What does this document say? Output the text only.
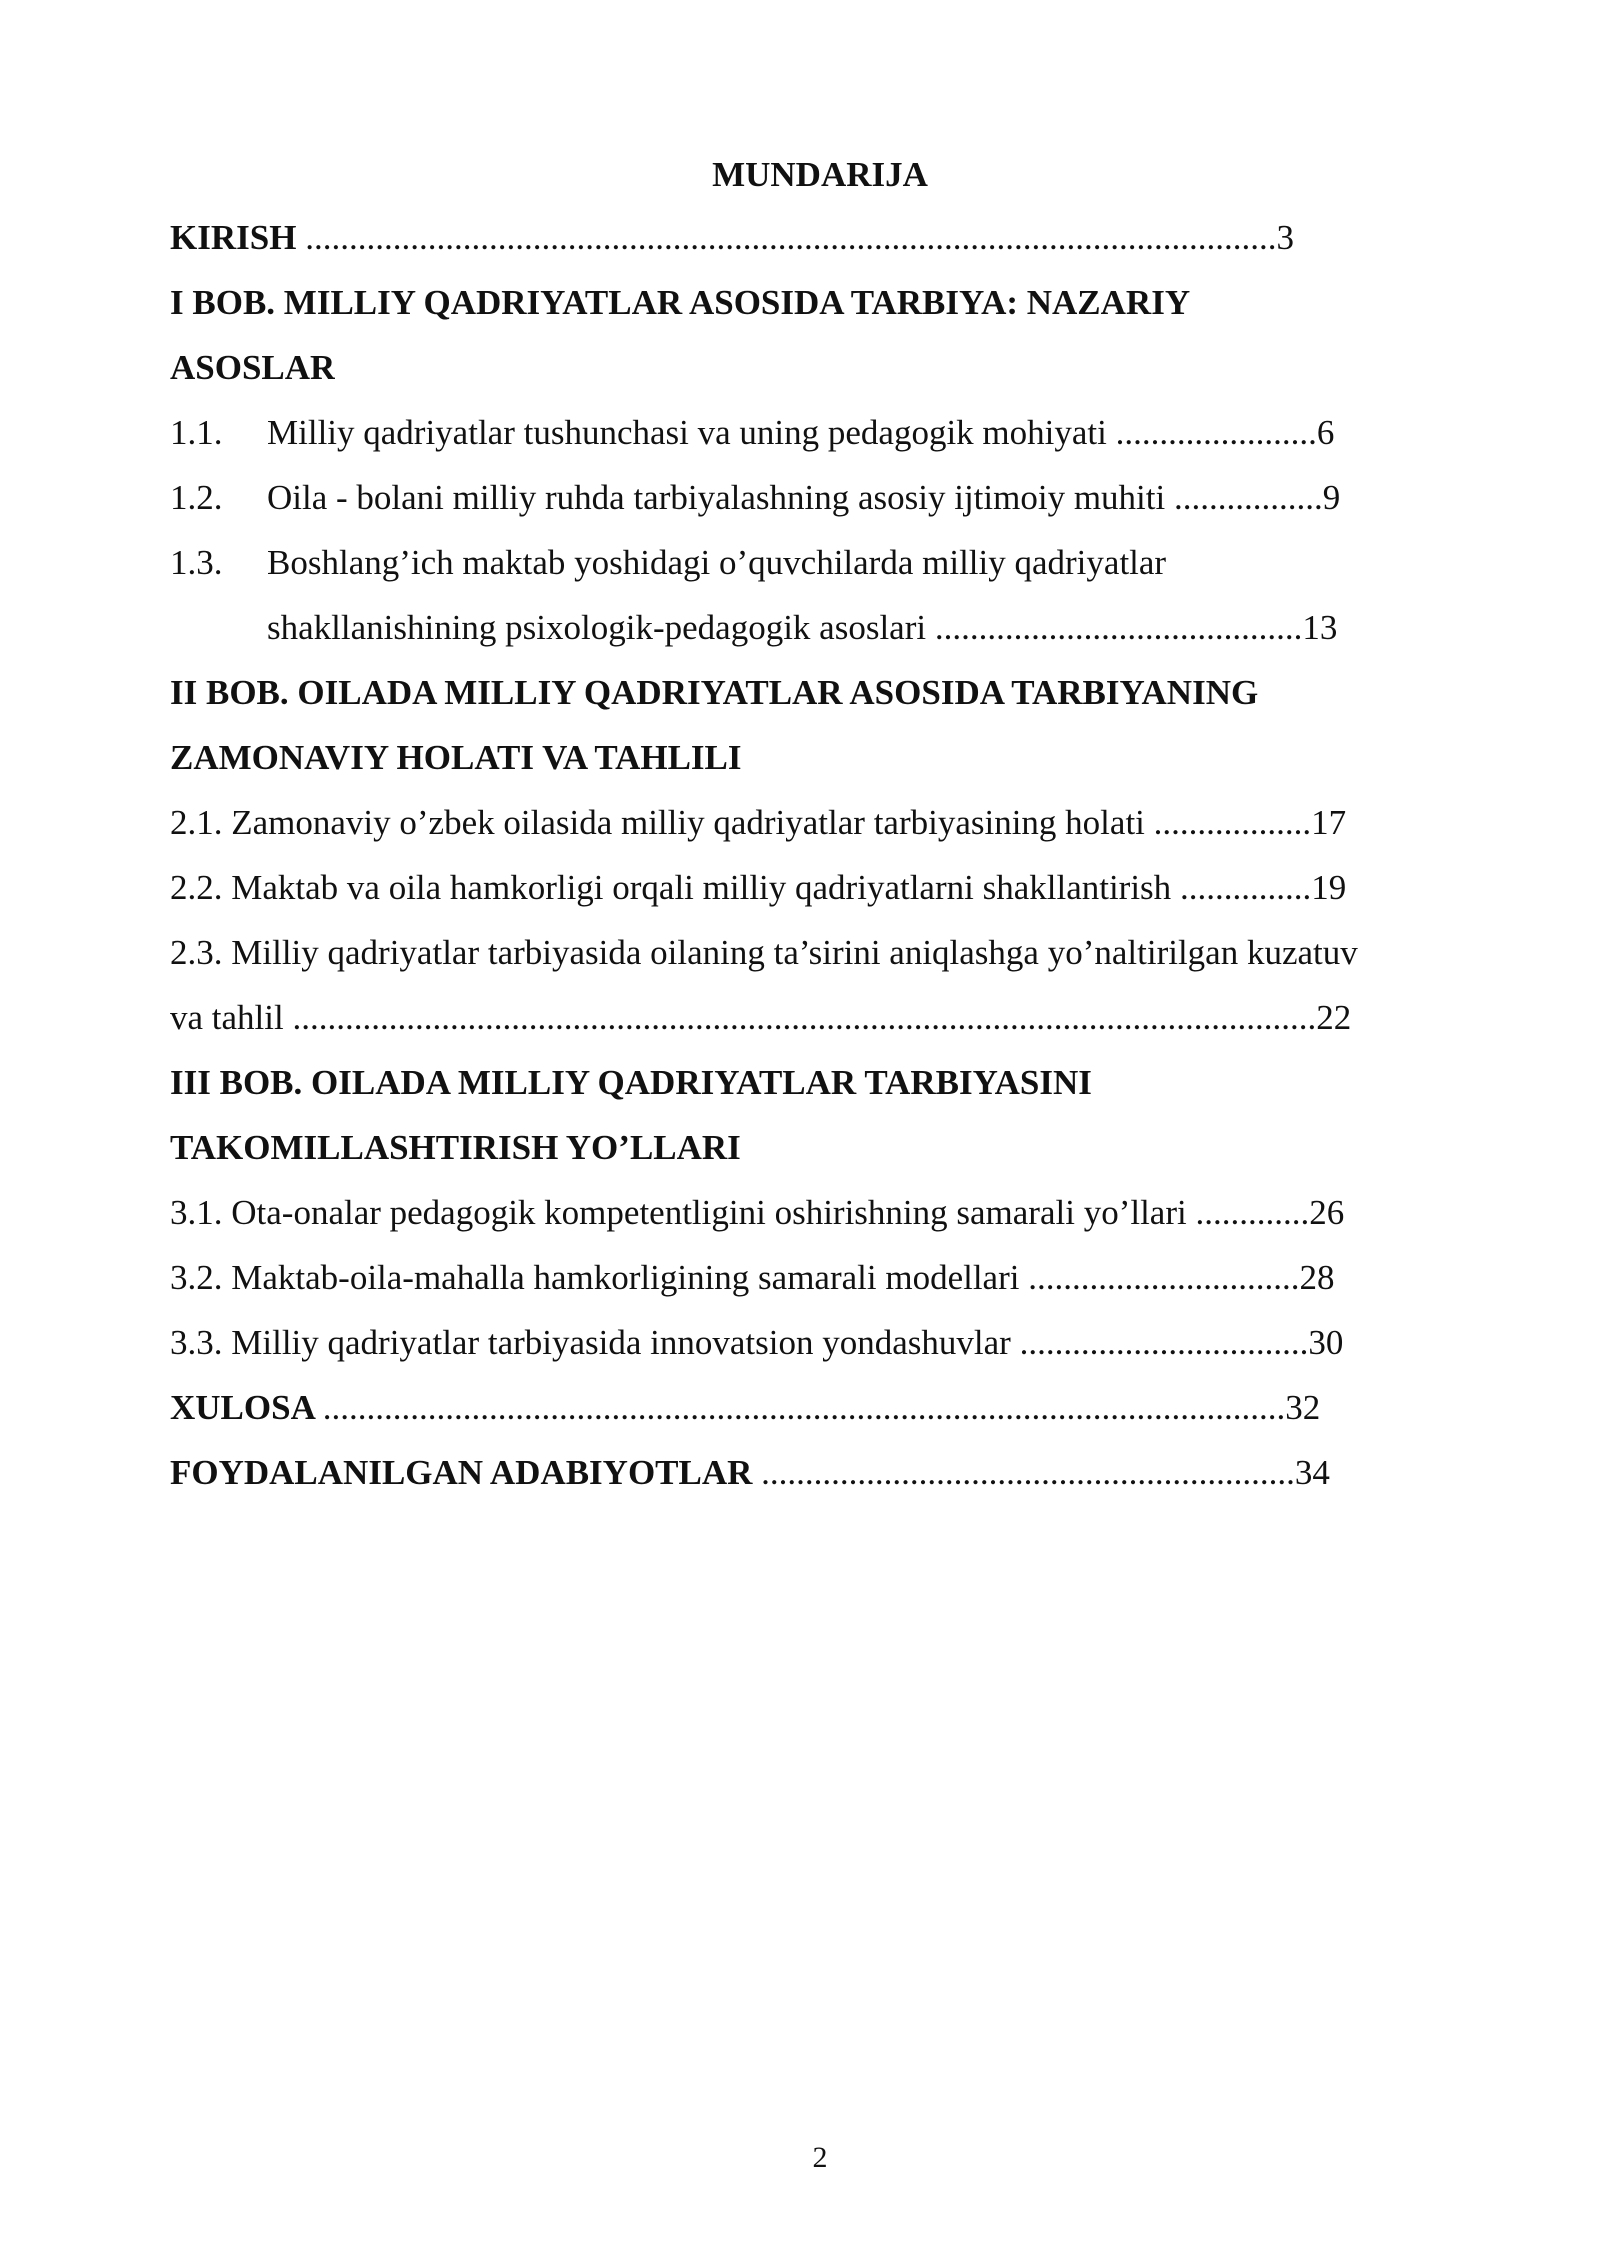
MUNDARIJA

KIRISH ...............................................................................................................3

I BOB. MILLIY QADRIYATLAR ASOSIDA TARBIYA: NAZARIY

ASOSLAR

1.1. Milliy qadriyatlar tushunchasi va uning pedagogik mohiyati .......................6

1.2. Oila - bolani milliy ruhda tarbiyalashning asosiy ijtimoiy muhiti .................9

1.3. Boshlang’ich maktab yoshidagi o’quvchilarda milliy qadriyatlar

shakllanishining psixologik-pedagogik asoslari ..........................................13

II BOB. OILADA MILLIY QADRIYATLAR ASOSIDA TARBIYANING

ZAMONAVIY HOLATI VA TAHLILI

2.1. Zamonaviy o’zbek oilasida milliy qadriyatlar tarbiyasining holati ..................17

2.2. Maktab va oila hamkorligi orqali milliy qadriyatlarni shakllantirish ...............19

2.3. Milliy qadriyatlar tarbiyasida oilaning ta’sirini aniqlashga yo’naltirilgan kuzatuv

va tahlil .....................................................................................................................22

III BOB. OILADA MILLIY QADRIYATLAR TARBIYASINI

TAKOMILLASHTIRISH YO’LLARI

3.1. Ota-onalar pedagogik kompetentligini oshirishning samarali yo’llari .............26

3.2. Maktab-oila-mahalla hamkorligining samarali modellari ...............................28

3.3. Milliy qadriyatlar tarbiyasida innovatsion yondashuvlar .................................30

XULOSA ..............................................................................................................32

FOYDALANILGAN ADABIYOTLAR .............................................................34

2
